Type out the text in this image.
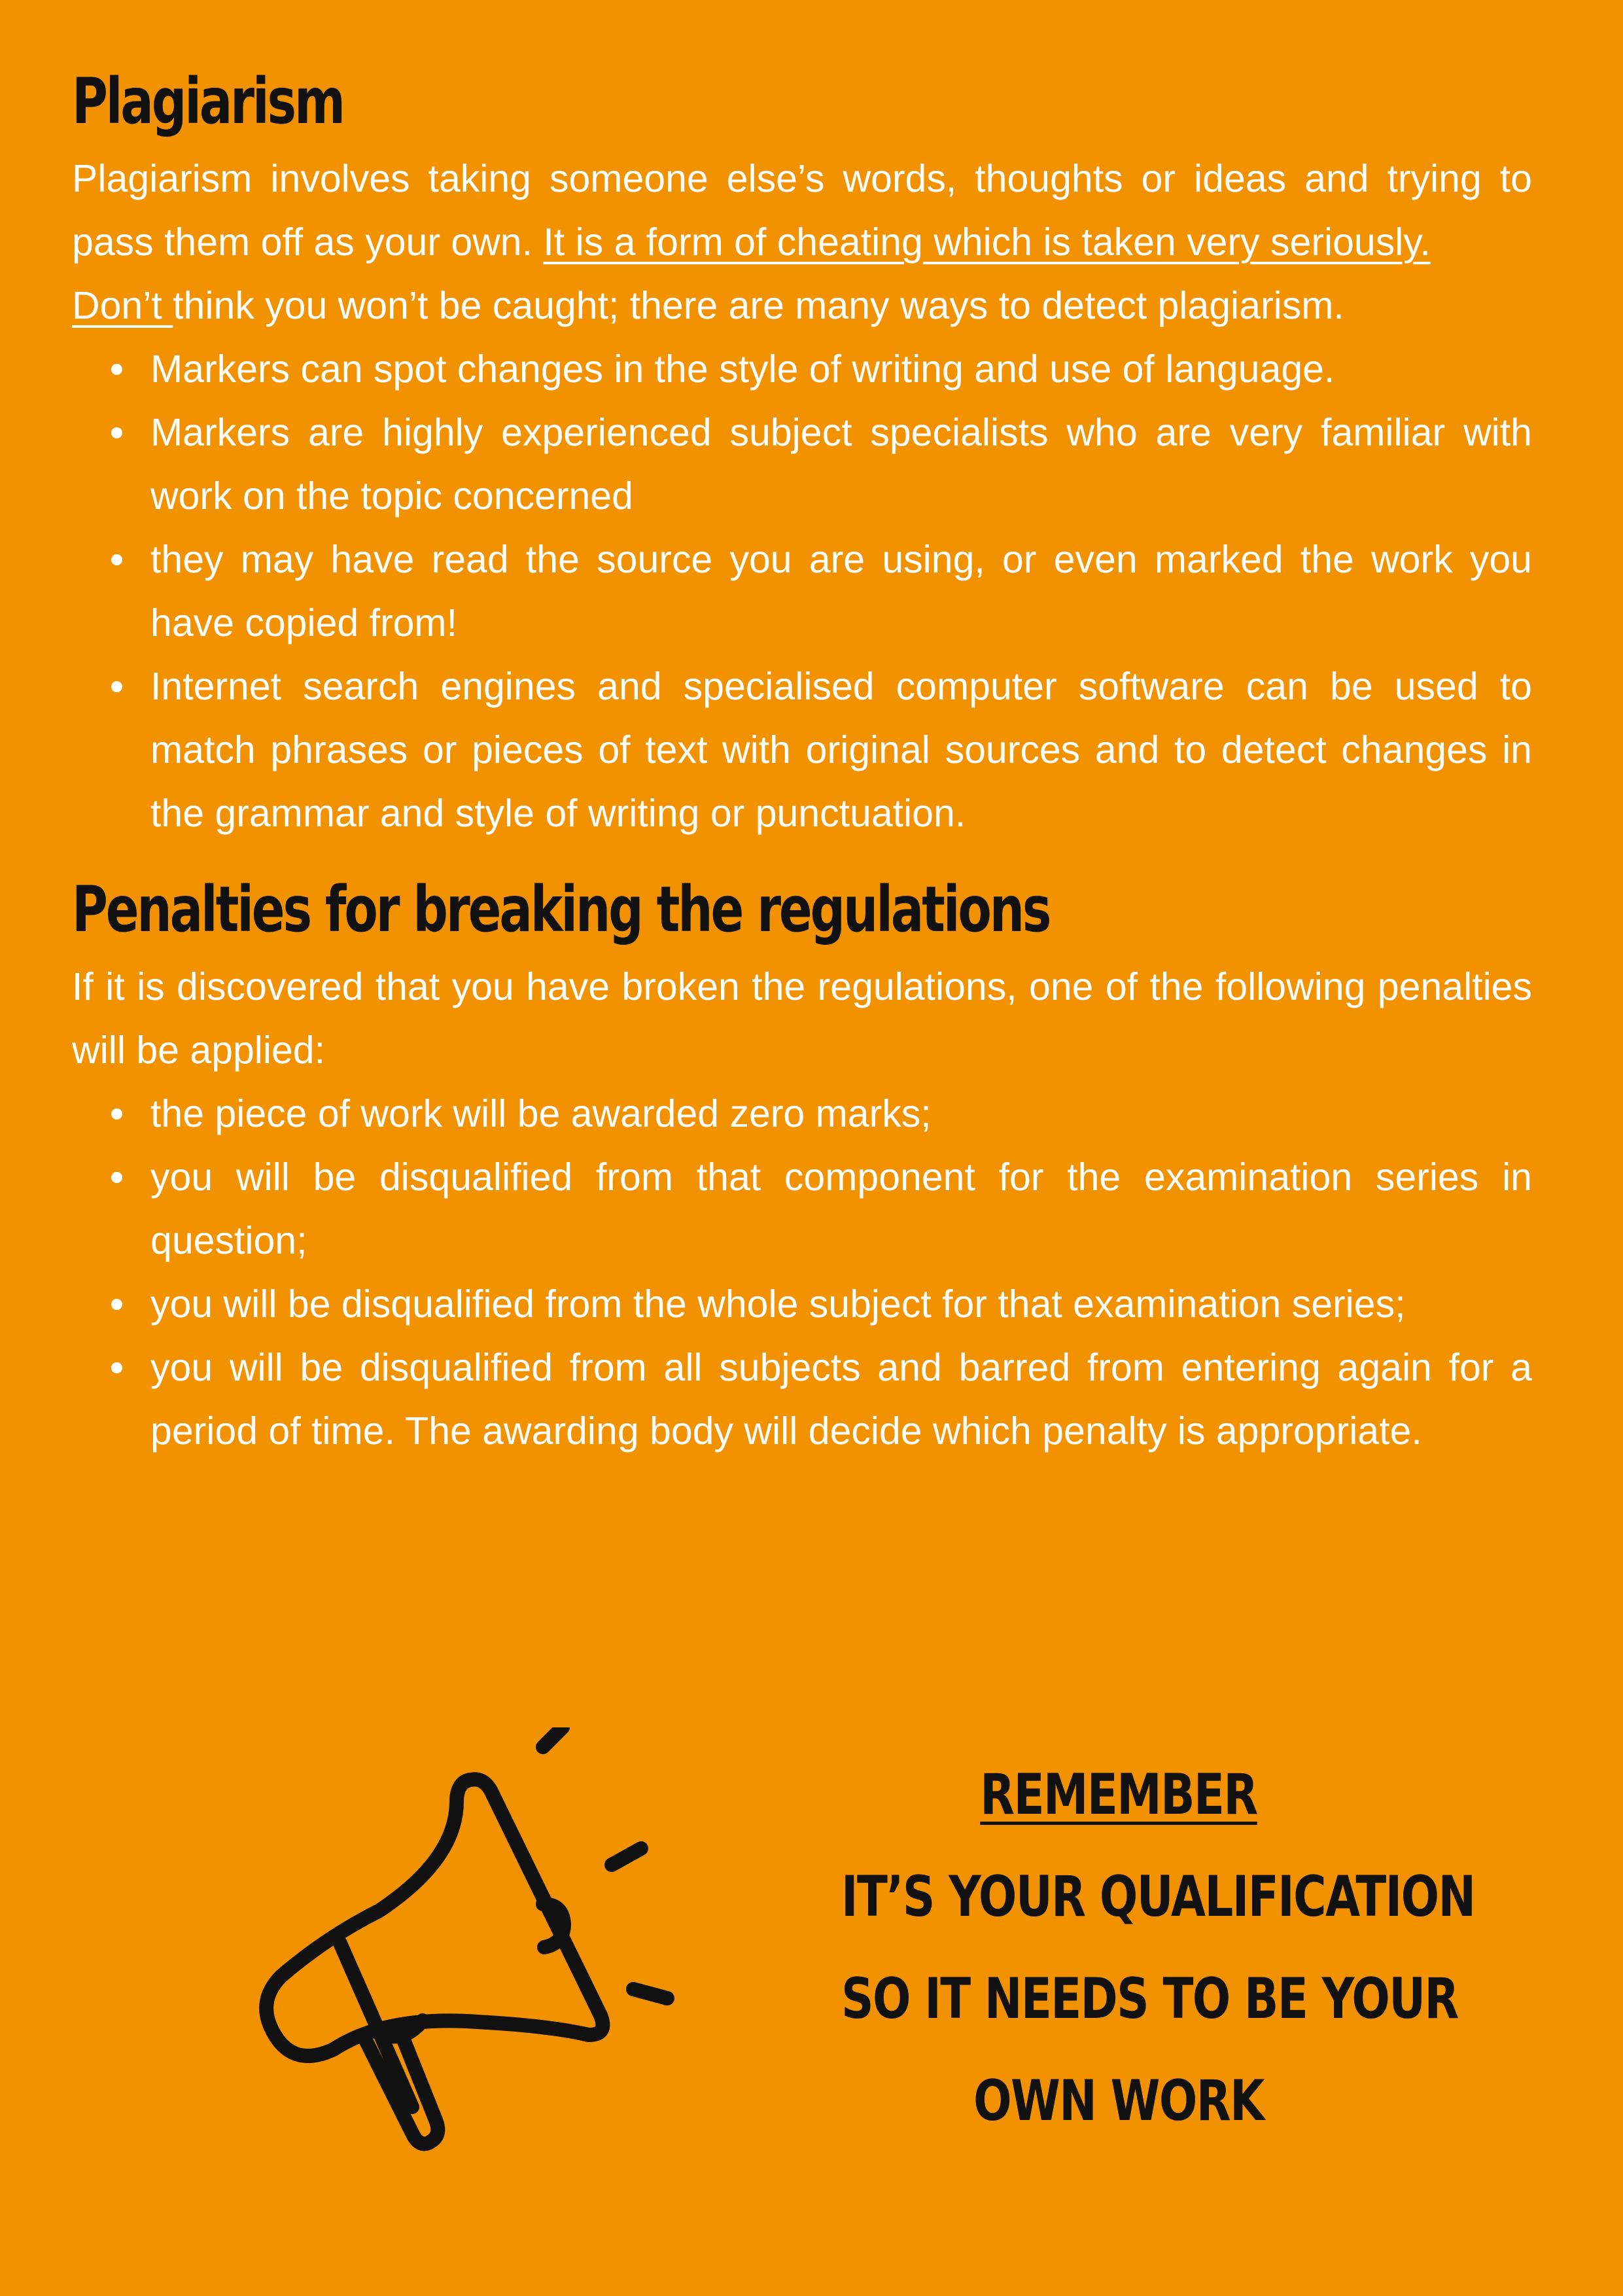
Plagiarism

Plagiarism involves taking someone else’s words, thoughts or ideas and trying to pass them off as your own. It is a form of cheating which is taken very seriously.

Don’t think you won’t be caught; there are many ways to detect plagiarism.

Markers can spot changes in the style of writing and use of language.
Markers are highly experienced subject specialists who are very familiar with work on the topic concerned
they may have read the source you are using, or even marked the work you have copied from!
Internet search engines and specialised computer software can be used to match phrases or pieces of text with original sources and to detect changes in the grammar and style of writing or punctuation.
Penalties for breaking the regulations

If it is discovered that you have broken the regulations, one of the following penalties will be applied:

the piece of work will be awarded zero marks;
you will be disqualified from that component for the examination series in question;
you will be disqualified from the whole subject for that examination series;
you will be disqualified from all subjects and barred from entering again for a period of time. The awarding body will decide which penalty is appropriate.
REMEMBER
IT’S YOUR QUALIFICATION
SO IT NEEDS TO BE YOUR
OWN WORK
